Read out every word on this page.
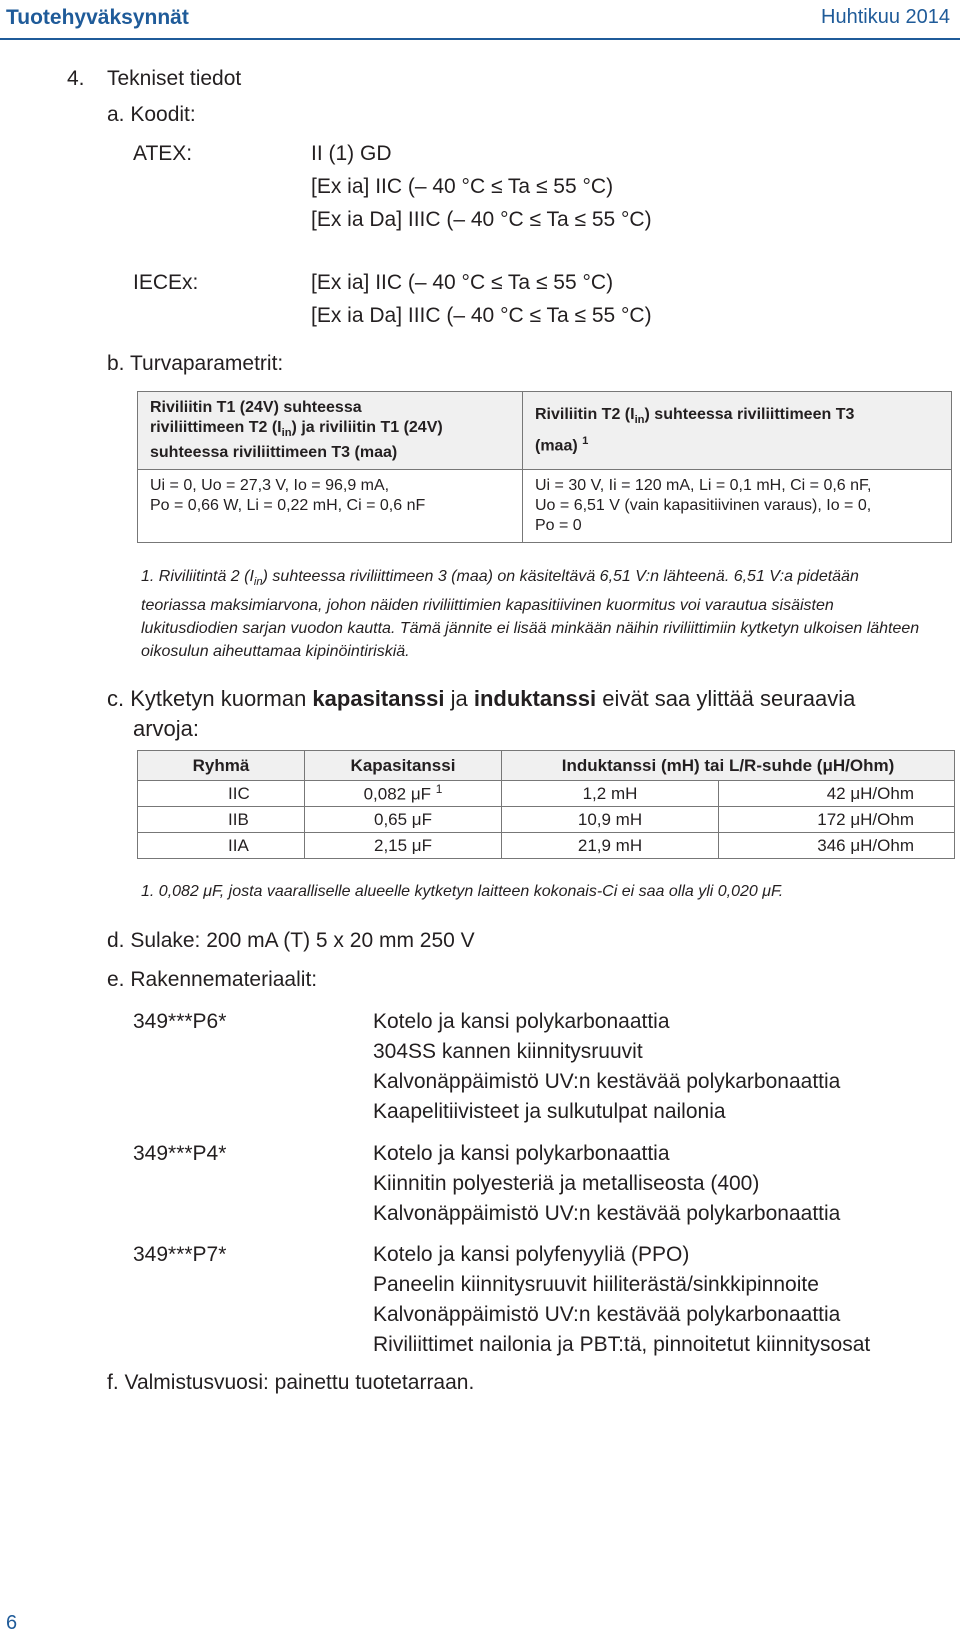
Tuotehyväksynnät	Huhtikuu 2014
4. Tekniset tiedot
a. Koodit:
ATEX:	II (1) GD
[Ex ia] IIC (– 40 °C ≤ Ta ≤ 55 °C)
[Ex ia Da] IIIC (– 40 °C ≤ Ta ≤ 55 °C)
IECEx:	[Ex ia] IIC (– 40 °C ≤ Ta ≤ 55 °C)
[Ex ia Da] IIIC (– 40 °C ≤ Ta ≤ 55 °C)
b. Turvaparametrit:
Riviliitin T1 (24V) suhteessa
riviliittimeen T2 $(I_{in})$ ja riviliitin T1 (24V)
suhteessa riviliittimeen T3 (maa)	Riviliitin T2 $(I_{in})$ suhteessa riviliittimeen T3
(maa) $^1$
Ui = 0, Uo = 27,3 V, Io = 96,9 mA,
Po = 0,66 W, Li = 0,22 mH, Ci = 0,6 nF	Ui = 30 V, Ii = 120 mA, Li = 0,1 mH, Ci = 0,6 nF,
Uo = 6,51 V (vain kapasitiivinen varaus), Io = 0,
Po = 0
1. Riviliitintä 2 $(I_{in})$ suhteessa riviliittimeen 3 (maa) on käsiteltävä 6,51 V:n lähteenä. 6,51 V:a pidetään teoriassa maksimiarvona, johon näiden riviliittimien kapasitiivinen kuormitus voi varautua sisäisten lukitusdiodien sarjan vuodon kautta. Tämä jännite ei lisää minkään näihin riviliittimiin kytketyn ulkoisen lähteen oikosulun aiheuttamaa kipinöintiriskiä.
c. Kytketyn kuorman kapasitanssi ja induktanssi eivät saa ylittää seuraavia
arvoja:
Ryhmä	Kapasitanssi	Induktanssi (mH) tai L/R-suhde (μH/Ohm)	
IIC	0,082 μF $^1$	1,2 mH	42 μH/Ohm
IIB	0,65 μF	10,9 mH	172 μH/Ohm
IIA	2,15 μF	21,9 mH	346 μH/Ohm
1. 0,082 μF, josta vaaralliselle alueelle kytketyn laitteen kokonais-Ci ei saa olla yli 0,020 μF.
d. Sulake: 200 mA (T) 5 x 20 mm 250 V
e. Rakennemateriaalit:
349***P6*	Kotelo ja kansi polykarbonaattia
304SS kannen kiinnitysruuvit
Kalvonäppäimistö UV:n kestävää polykarbonaattia
Kaapelitiivisteet ja sulkutulpat nailonia
349***P4*	Kotelo ja kansi polykarbonaattia
Kiinnitin polyesteriä ja metalliseosta (400)
Kalvonäppäimistö UV:n kestävää polykarbonaattia
349***P7*	Kotelo ja kansi polyfenyyliä (PPO)
Paneelin kiinnitysruuvit hiiliterästä/sinkkipinnoite
Kalvonäppäimistö UV:n kestävää polykarbonaattia
Riviliittimet nailonia ja PBT:tä, pinnoitetut kiinnitysosat
f. Valmistusvuosi: painettu tuotetarraan.
6
